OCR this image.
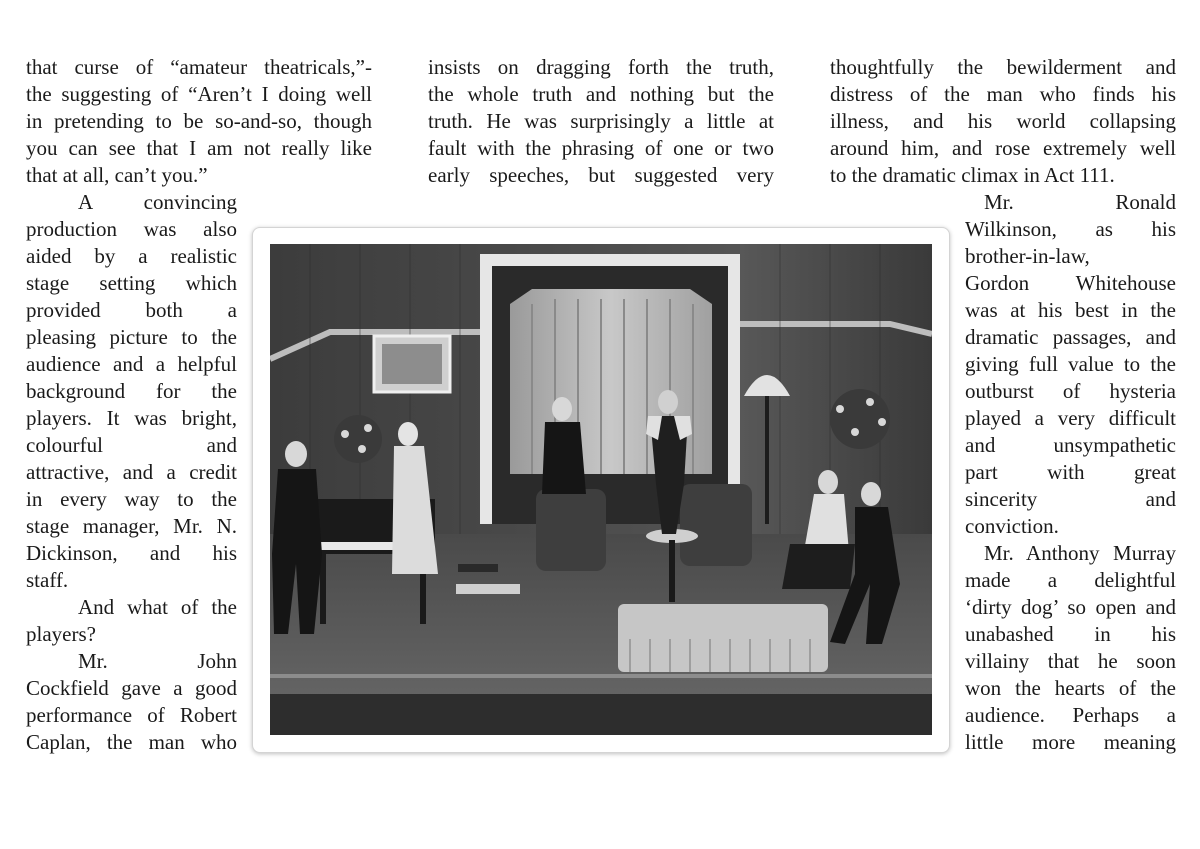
that curse of “amateur theatricals,”-
the suggesting of “Aren’t I doing well
in pretending to be so-and-so, though
you can see that I am not really like
that at all, can’t you.”
A convincing
production was also
aided by a realistic
stage setting which
provided both a
pleasing picture to the
audience and a helpful
background for the
players. It was bright,
colourful and
attractive, and a credit
in every way to the
stage manager, Mr. N.
Dickinson, and his
staff.
And what of the
players?
Mr. John
Cockfield gave a good
performance of Robert
Caplan, the man who
insists on dragging forth the truth,
the whole truth and nothing but the
truth. He was surprisingly a little at
fault with the phrasing of one or two
early speeches, but suggested very
thoughtfully the bewilderment and
distress of the man who finds his
illness, and his world collapsing
around him, and rose extremely well
to the dramatic climax in Act 111.
Mr. Ronald
Wilkinson, as his
brother-in-law,
Gordon Whitehouse
was at his best in the
dramatic passages, and
giving full value to the
outburst of hysteria
played a very difficult
and unsympathetic
part with great
sincerity and
conviction.
Mr. Anthony Murray
made a delightful
‘dirty dog’ so open and
unabashed in his
villainy that he soon
won the hearts of the
audience. Perhaps a
little more meaning
